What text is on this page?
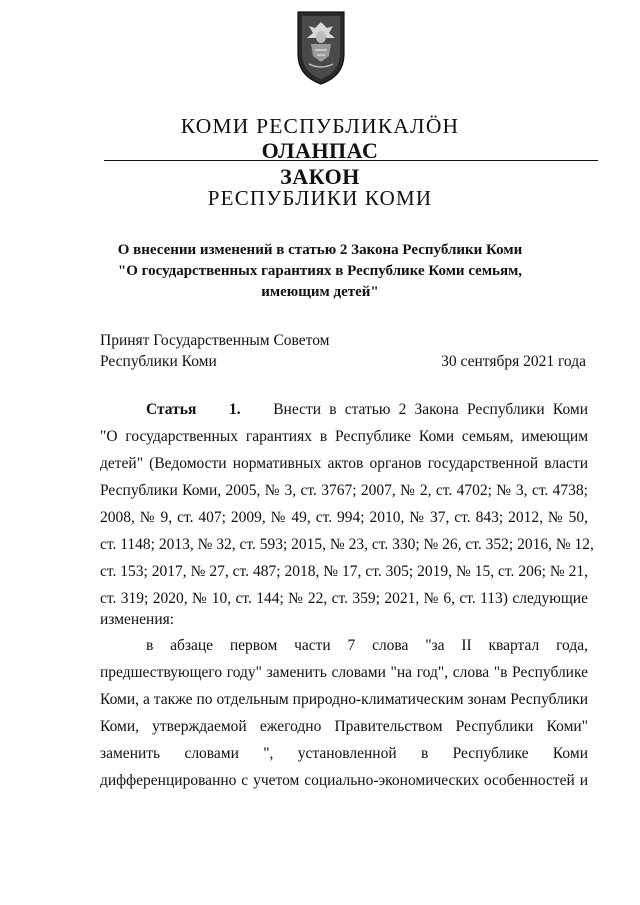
КОМИ РЕСПУБЛИКАЛÖН
ОЛАНПАС
ЗАКОН
РЕСПУБЛИКИ КОМИ
О внесении изменений в статью 2 Закона Республики Коми
"О государственных гарантиях в Республике Коми семьям,
имеющим детей"
Принят Государственным Советом
Республики Коми	30 сентября 2021 года
Статья 1. Внести в статью 2 Закона Республики Коми
"О государственных гарантиях в Республике Коми семьям, имеющим
детей" (Ведомости нормативных актов органов государственной власти
Республики Коми, 2005, № 3, ст. 3767; 2007, № 2, ст. 4702; № 3, ст. 4738;
2008, № 9, ст. 407; 2009, № 49, ст. 994; 2010, № 37, ст. 843; 2012, № 50,
ст. 1148; 2013, № 32, ст. 593; 2015, № 23, ст. 330; № 26, ст. 352; 2016, № 12,
ст. 153; 2017, № 27, ст. 487; 2018, № 17, ст. 305; 2019, № 15, ст. 206; № 21,
ст. 319; 2020, № 10, ст. 144; № 22, ст. 359; 2021, № 6, ст. 113) следующие
изменения:
в абзаце первом части 7 слова "за II квартал года,
предшествующего году" заменить словами "на год", слова "в Республике
Коми, а также по отдельным природно-климатическим зонам Республики
Коми, утверждаемой ежегодно Правительством Республики Коми"
заменить словами ", установленной в Республике Коми
дифференцированно с учетом социально-экономических особенностей и
